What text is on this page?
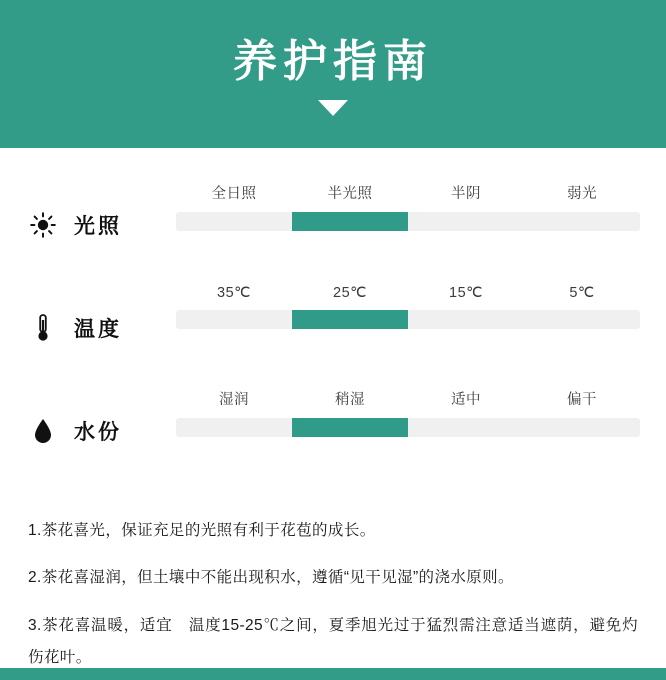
养护指南
光照
全日照	半光照	半阴	弱光
温度
35℃	25℃	15℃	5℃
水份
湿润	稍湿	适中	偏干

1.茶花喜光，保证充足的光照有利于花苞的成长。

2.茶花喜湿润，但土壤中不能出现积水，遵循“见干见湿”的浇水原则。

3.茶花喜温暖，适宜　温度15-25℃之间，夏季旭光过于猛烈需注意适当遮荫，避免灼伤花叶。
